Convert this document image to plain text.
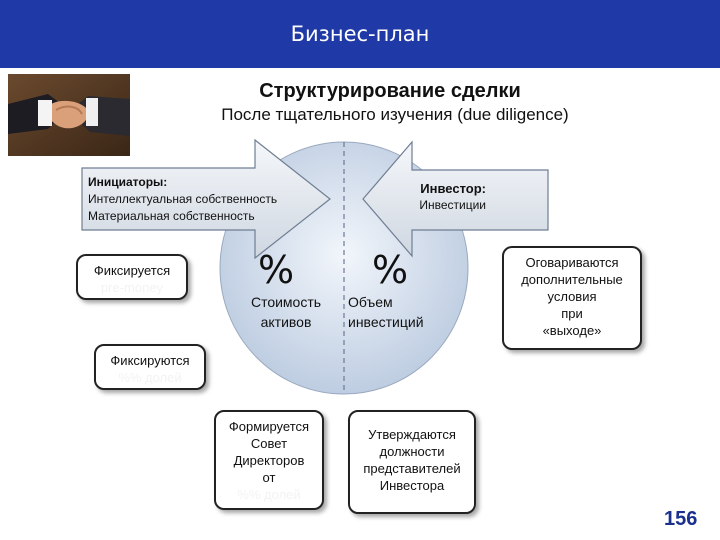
Бизнес-план
Структурирование сделки
После тщательного изучения (due diligence)
Инициаторы:
Интеллектуальная собственность
Материальная собственность
Инвестор:
Инвестиции
% %
Стоимость
активов
Объем
инвестиций
Фиксируется
pre-money
Фиксируются
%% долей
Формируется
Совет
Директоров
от
%% долей
Утверждаются
должности
представителей
Инвестора
Оговариваются
дополнительные
условия
при
«выходе»
156
